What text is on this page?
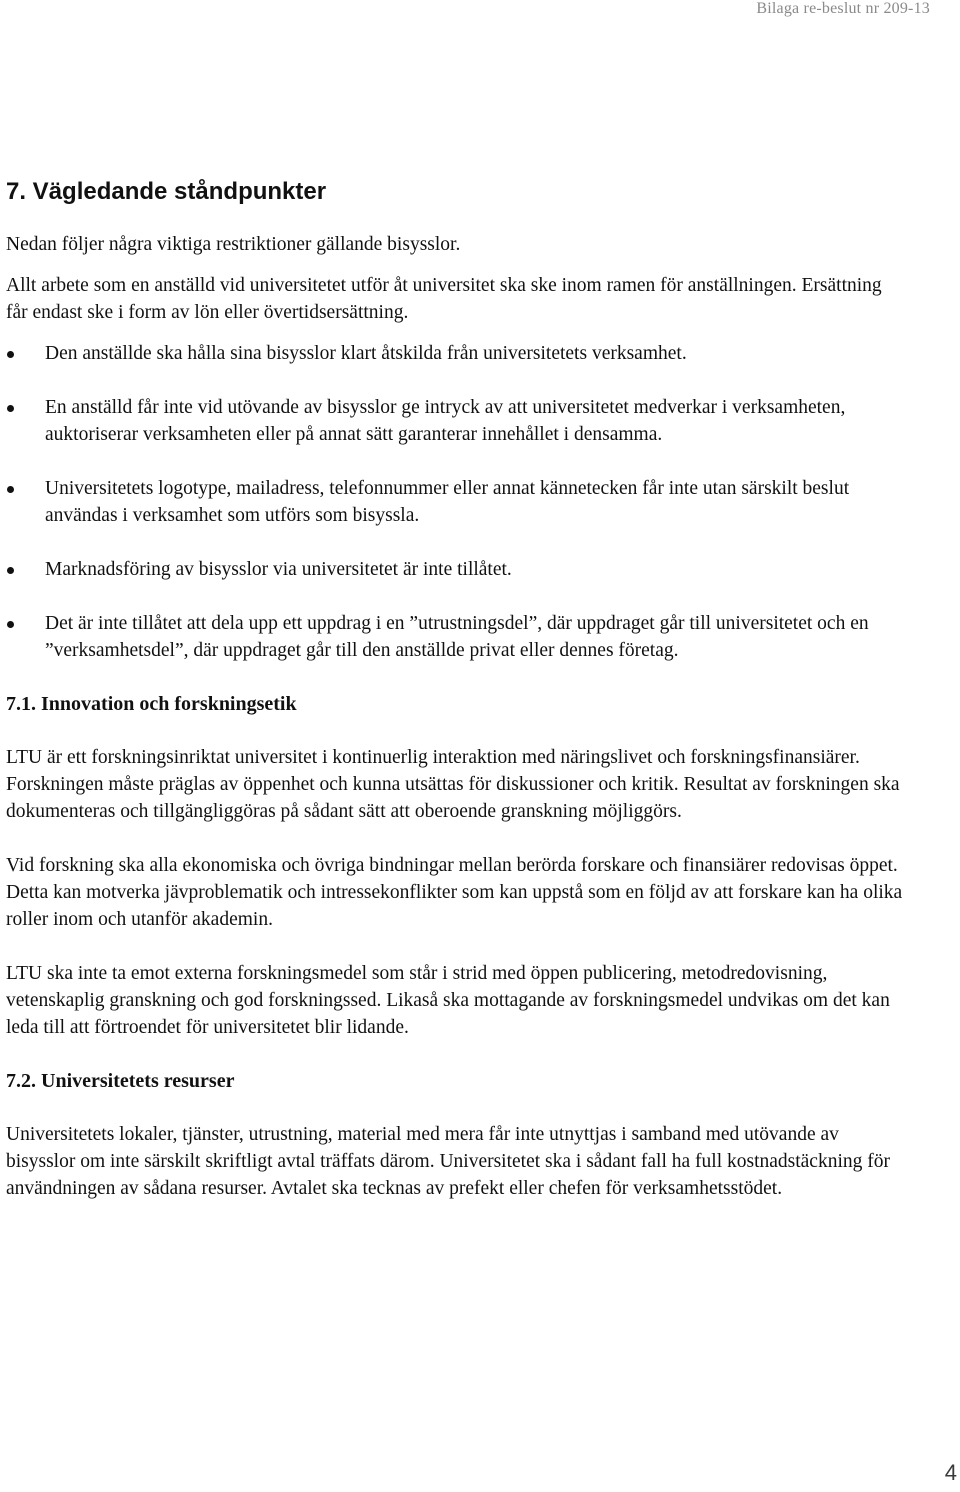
Bilaga re-beslut nr 209-13
7. Vägledande ståndpunkter

Nedan följer några viktiga restriktioner gällande bisysslor.

Allt arbete som en anställd vid universitetet utför åt universitet ska ske inom ramen för anställningen. Ersättning får endast ske i form av lön eller övertidsersättning.

Den anställde ska hålla sina bisysslor klart åtskilda från universitetets verksamhet.
En anställd får inte vid utövande av bisysslor ge intryck av att universitetet medverkar i verksamheten, auktoriserar verksamheten eller på annat sätt garanterar innehållet i densamma.
Universitetets logotype, mailadress, telefonnummer eller annat kännetecken får inte utan särskilt beslut användas i verksamhet som utförs som bisyssla.
Marknadsföring av bisysslor via universitetet är inte tillåtet.
Det är inte tillåtet att dela upp ett uppdrag i en ”utrustningsdel”, där uppdraget går till universitetet och en ”verksamhetsdel”, där uppdraget går till den anställde privat eller dennes företag.
7.1. Innovation och forskningsetik

LTU är ett forskningsinriktat universitet i kontinuerlig interaktion med näringslivet och forskningsfinansiärer. Forskningen måste präglas av öppenhet och kunna utsättas för diskussioner och kritik. Resultat av forskningen ska dokumenteras och tillgängliggöras på sådant sätt att oberoende granskning möjliggörs.

Vid forskning ska alla ekonomiska och övriga bindningar mellan berörda forskare och finansiärer redovisas öppet. Detta kan motverka jävproblematik och intressekonflikter som kan uppstå som en följd av att forskare kan ha olika roller inom och utanför akademin.

LTU ska inte ta emot externa forskningsmedel som står i strid med öppen publicering, metodredovisning, vetenskaplig granskning och god forskningssed. Likaså ska mottagande av forskningsmedel undvikas om det kan leda till att förtroendet för universitetet blir lidande.

7.2. Universitetets resurser

Universitetets lokaler, tjänster, utrustning, material med mera får inte utnyttjas i samband med utövande av bisysslor om inte särskilt skriftligt avtal träffats därom. Universitetet ska i sådant fall ha full kostnadstäckning för användningen av sådana resurser. Avtalet ska tecknas av prefekt eller chefen för verksamhetsstödet.

4
